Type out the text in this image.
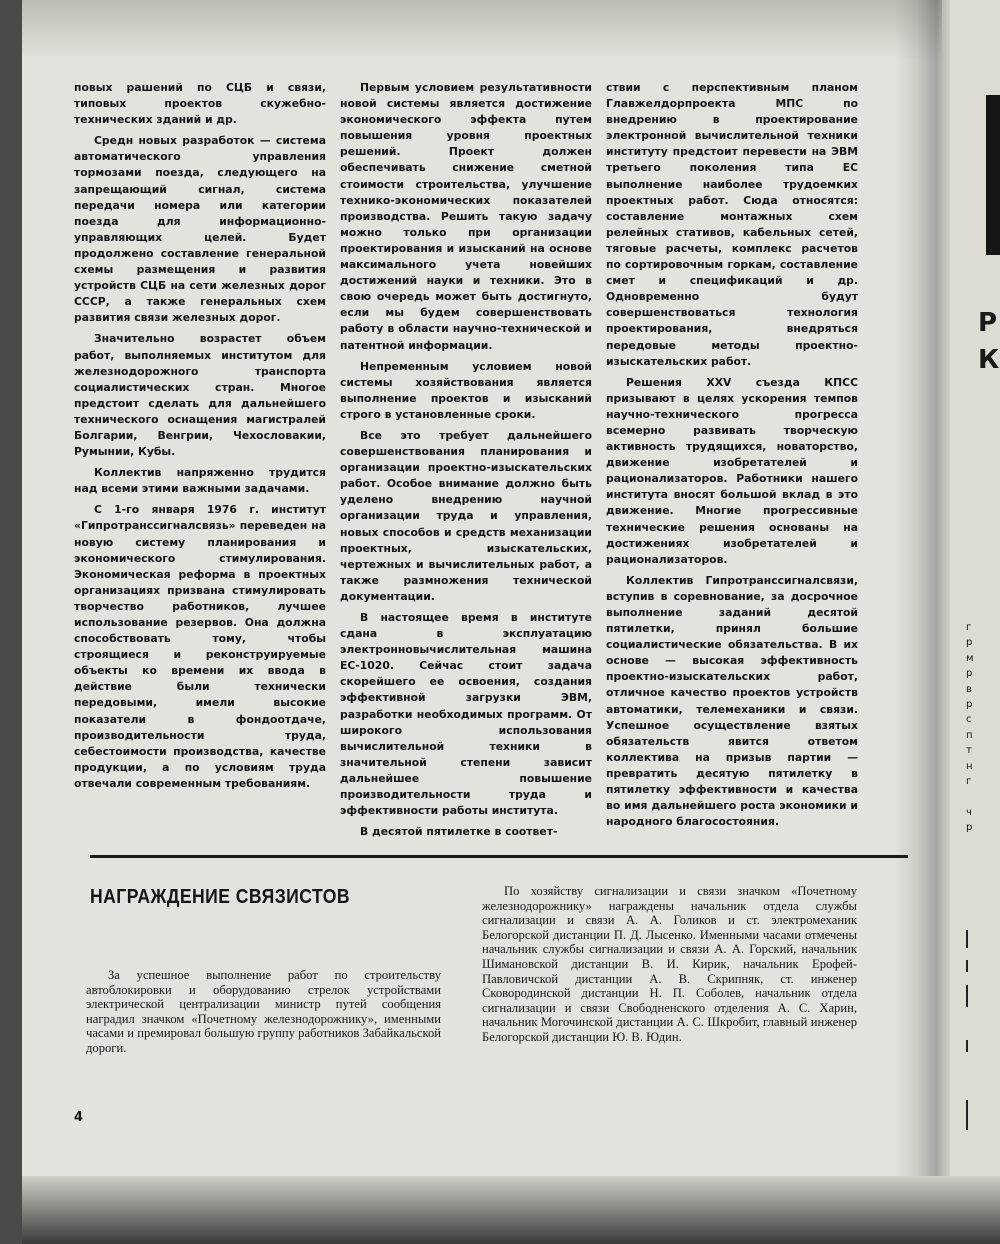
Р
К
г
р
м
р
в
р
с
п
т
н
г

ч
р

повых рашений по СЦБ и связи, типовых проектов скужебно-технических зданий и др.

Средн новых разработок — система автоматического управления тормозами поезда, следующего на запрещающий сигнал, система передачи номера или категории поезда для информационно-управляющих целей. Будет продолжено составление генеральной схемы размещения и развития устройств СЦБ на сети железных дорог СССР, а также генеральных схем развития связи железных дорог.

Значительно возрастет объем работ, выполняемых институтом для железнодорожного транспорта социалистических стран. Многое предстоит сделать для дальнейшего технического оснащения магистралей Болгарии, Венгрии, Чехословакии, Румынии, Кубы.

Коллектив напряженно трудится над всеми этими важными задачами.

С 1-го января 1976 г. институт «Гипротранссигналсвязь» переведен на новую систему планирования и экономического стимулирования. Экономическая реформа в проектных организациях призвана стимулировать творчество работников, лучшее использование резервов. Она должна способствовать тому, чтобы строящиеся и реконструируемые объекты ко времени их ввода в действие были технически передовыми, имели высокие показатели в фондоотдаче, производительности труда, себестоимости производства, качестве продукции, а по условиям труда отвечали современным требованиям.

Первым условием результативности новой системы является достижение экономического эффекта путем повышения уровня проектных решений. Проект должен обеспечивать снижение сметной стоимости строительства, улучшение технико-экономических показателей производства. Решить такую задачу можно только при организации проектирования и изысканий на основе максимального учета новейших достижений науки и техники. Это в свою очередь может быть достигнуто, если мы будем совершенствовать работу в области научно-технической и патентной информации.

Непременным условием новой системы хозяйствования является выполнение проектов и изысканий строго в установленные сроки.

Все это требует дальнейшего совершенствования планирования и организации проектно-изыскательских работ. Особое внимание должно быть уделено внедрению научной организации труда и управления, новых способов и средств механизации проектных, изыскательских, чертежных и вычислительных работ, а также размножения технической документации.

В настоящее время в институте сдана в эксплуатацию электронновычислительная машина ЕС-1020. Сейчас стоит задача скорейшего ее освоения, создания эффективной загрузки ЭВМ, разработки необходимых программ. От широкого использования вычислительной техники в значительной степени зависит дальнейшее повышение производительности труда и эффективности работы института.

В десятой пятилетке в соответ-

ствии с перспективным планом Главжелдорпроекта МПС по внедрению в проектирование электронной вычислительной техники институту предстоит перевести на ЭВМ третьего поколения типа ЕС выполнение наиболее трудоемких проектных работ. Сюда относятся: составление монтажных схем релейных стативов, кабельных сетей, тяговые расчеты, комплекс расчетов по сортировочным горкам, составление смет и спецификаций и др. Одновременно будут совершенствоваться технология проектирования, внедряться передовые методы проектно-изыскательских работ.

Решения XXV съезда КПСС призывают в целях ускорения темпов научно-технического прогресса всемерно развивать творческую активность трудящихся, новаторство, движение изобретателей и рационализаторов. Работники нашего института вносят большой вклад в это движение. Многие прогрессивные технические решения основаны на достижениях изобретателей и рационализаторов.

Коллектив Гипротранссигналсвязи, вступив в соревнование, за досрочное выполнение заданий десятой пятилетки, принял большие социалистические обязательства. В их основе — высокая эффективность проектно-изыскательских работ, отличное качество проектов устройств автоматики, телемеханики и связи. Успешное осуществление взятых обязательств явится ответом коллектива на призыв партии — превратить десятую пятилетку в пятилетку эффективности и качества во имя дальнейшего роста экономики и народного благосостояния.

НАГРАЖДЕНИЕ СВЯЗИСТОВ

За успешное выполнение работ по строительству автоблокировки и оборудованию стрелок устройствами электрической централизации министр путей сообщения наградил значком «Почетному железнодорожнику», именными часами и премировал большую группу работников Забайкальской дороги.

По хозяйству сигнализации и связи значком «Почетному железнодорожнику» награждены начальник отдела службы сигнализации и связи А. А. Голиков и ст. электромеханик Белогорской дистанции П. Д. Лысенко. Именными часами отмечены начальник службы сигнализации и связи А. А. Горский, начальник Шимановской дистанции В. И. Кирик, начальник Ерофей-Павловичской дистанции А. В. Скрипняк, ст. инженер Сковородинской дистанции Н. П. Соболев, начальник отдела сигнализации и связи Свободненского отделения А. С. Харин, начальник Могочинской дистанции А. С. Шкробит, главный инженер Белогорской дистанции Ю. В. Юдин.

4
